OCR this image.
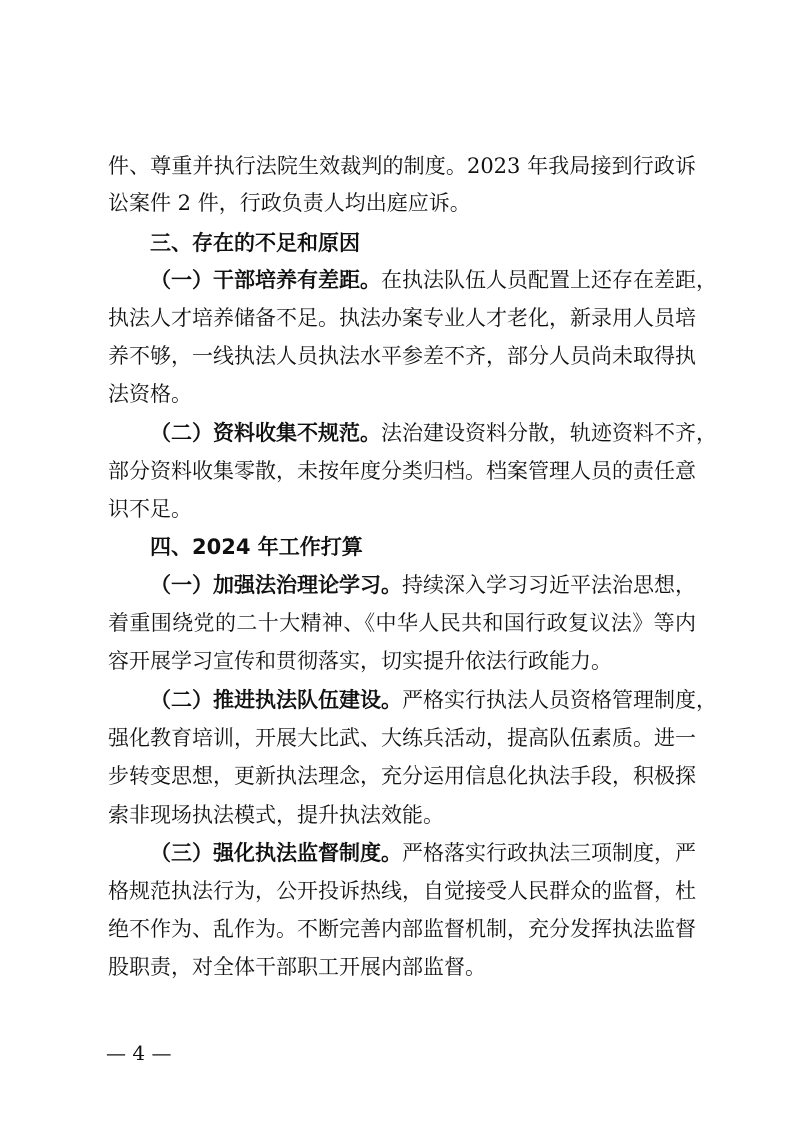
件、尊重并执行法院生效裁判的制度。2023 年我局接到行政诉
讼案件 2 件，行政负责人均出庭应诉。
三、存在的不足和原因
（一）干部培养有差距。在执法队伍人员配置上还存在差距，
执法人才培养储备不足。执法办案专业人才老化，新录用人员培
养不够，一线执法人员执法水平参差不齐，部分人员尚未取得执
法资格。
（二）资料收集不规范。法治建设资料分散，轨迹资料不齐，
部分资料收集零散，未按年度分类归档。档案管理人员的责任意
识不足。
四、2024 年工作打算
（一）加强法治理论学习。持续深入学习习近平法治思想，
着重围绕党的二十大精神、《中华人民共和国行政复议法》等内
容开展学习宣传和贯彻落实，切实提升依法行政能力。
（二）推进执法队伍建设。严格实行执法人员资格管理制度，
强化教育培训，开展大比武、大练兵活动，提高队伍素质。进一
步转变思想，更新执法理念，充分运用信息化执法手段，积极探
索非现场执法模式，提升执法效能。
（三）强化执法监督制度。严格落实行政执法三项制度，严
格规范执法行为，公开投诉热线，自觉接受人民群众的监督，杜
绝不作为、乱作为。不断完善内部监督机制，充分发挥执法监督
股职责，对全体干部职工开展内部监督。
— 4 —
